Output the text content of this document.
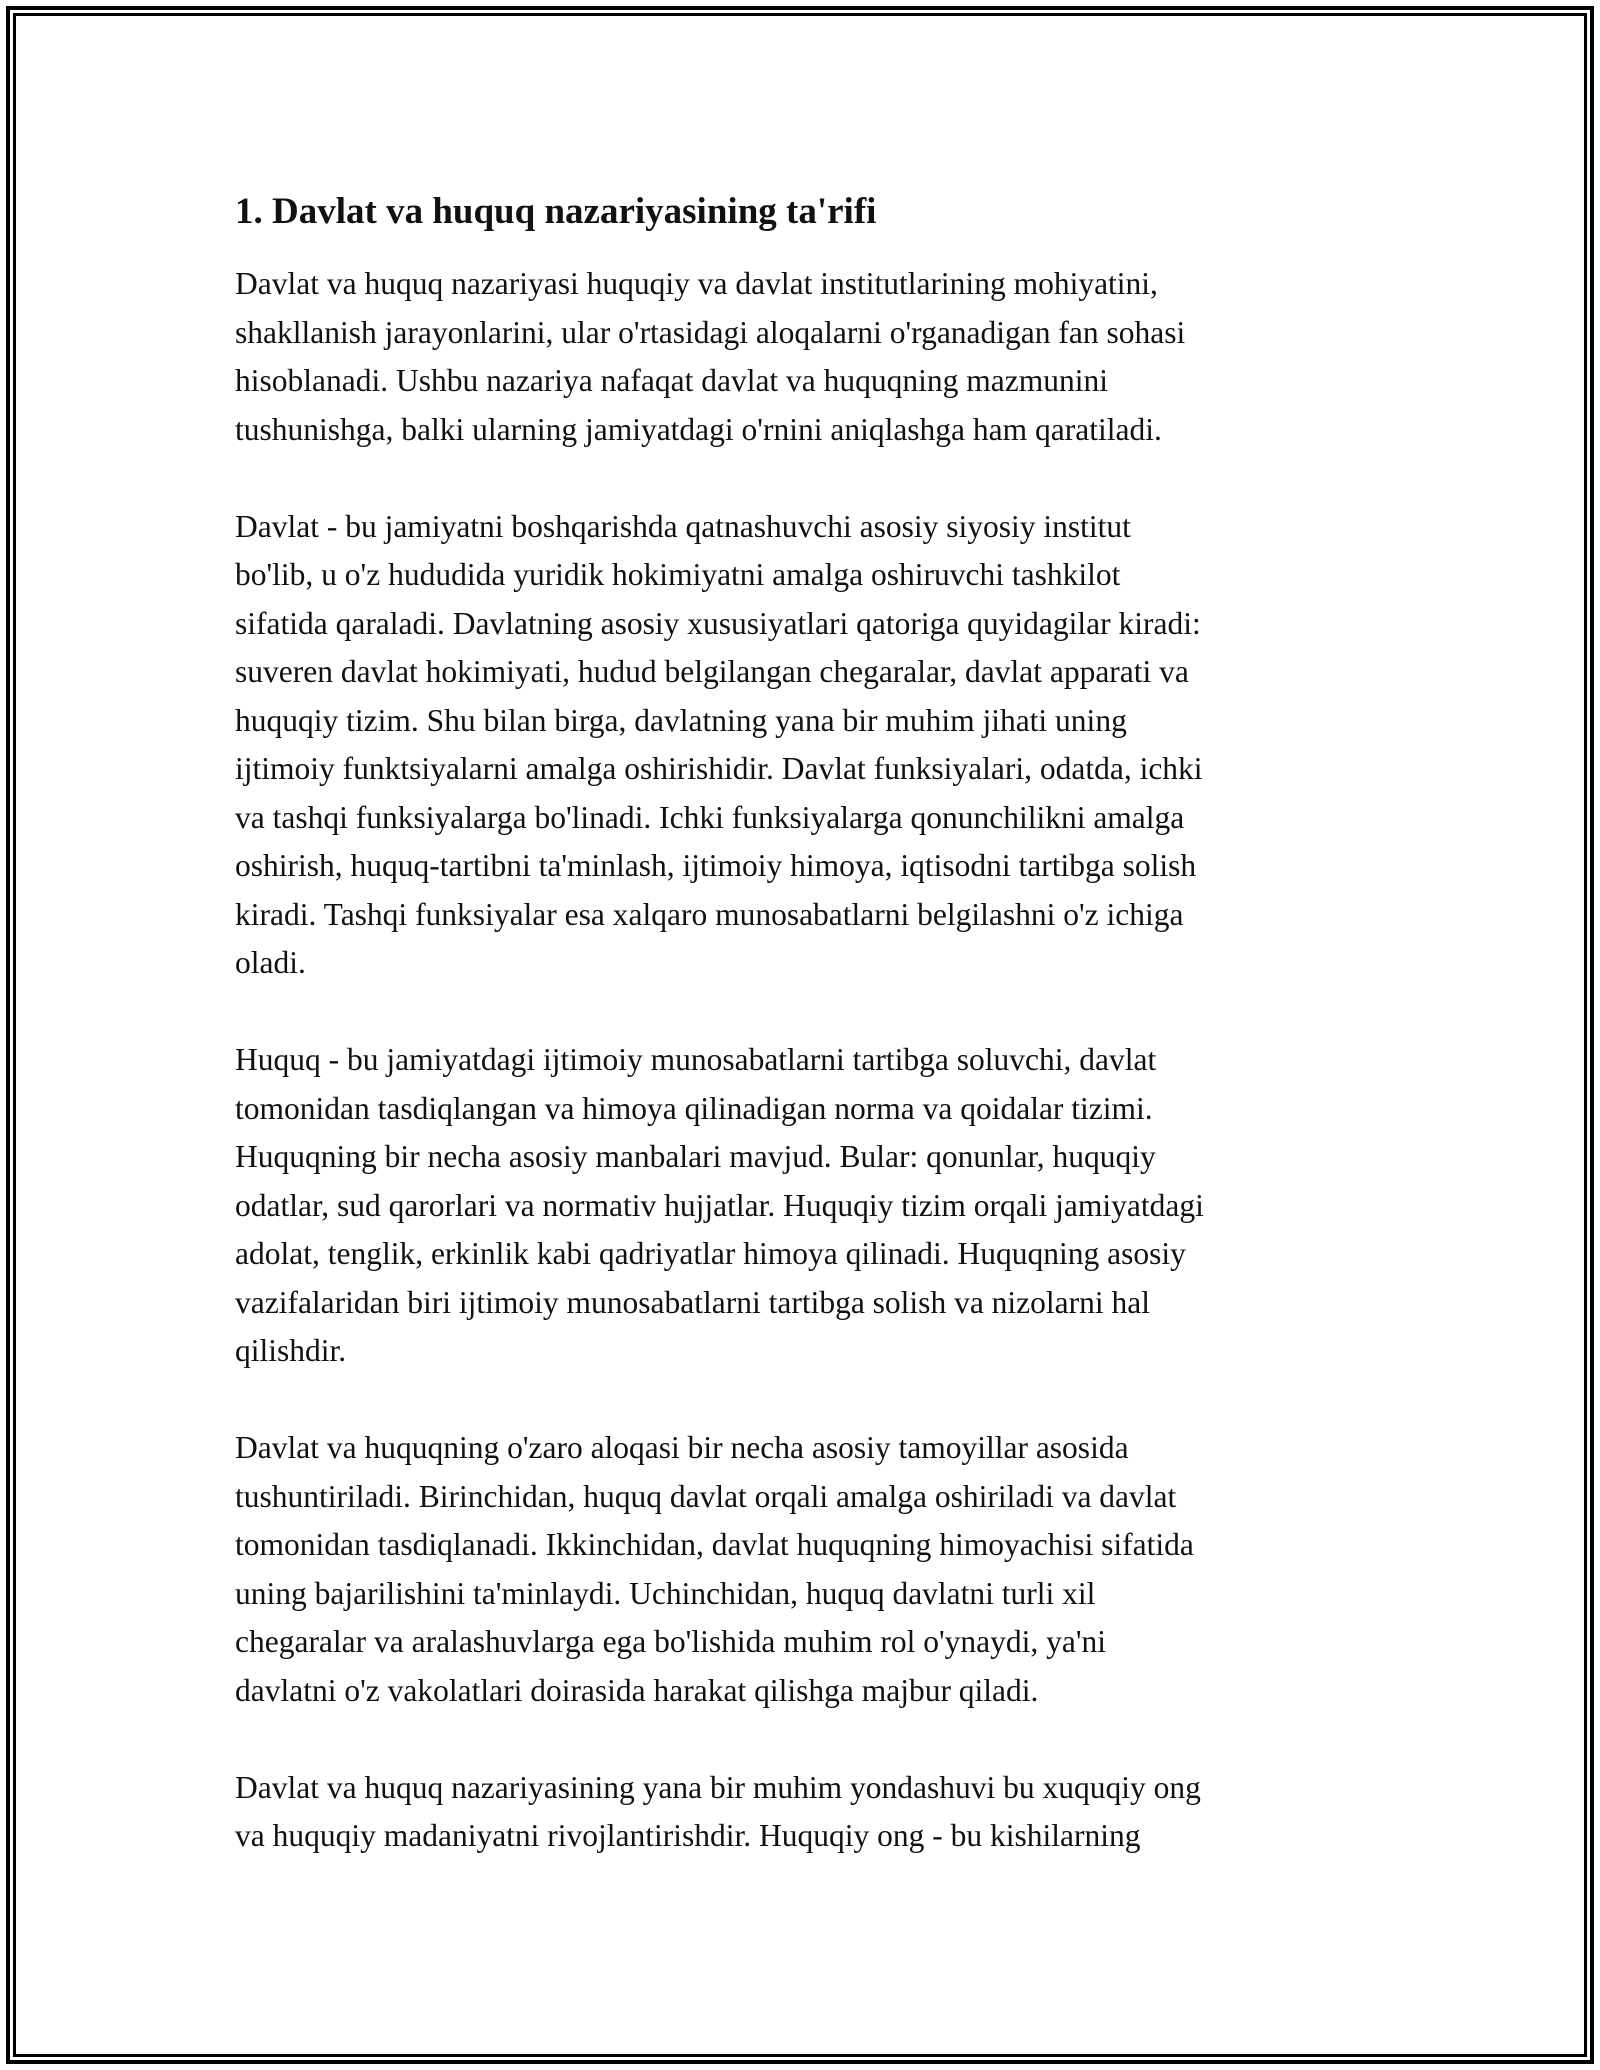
1. Davlat va huquq nazariyasining ta'rifi
Davlat va huquq nazariyasi huquqiy va davlat institutlarining mohiyatini,
shakllanish jarayonlarini, ular o'rtasidagi aloqalarni o'rganadigan fan sohasi
hisoblanadi. Ushbu nazariya nafaqat davlat va huquqning mazmunini
tushunishga, balki ularning jamiyatdagi o'rnini aniqlashga ham qaratiladi.
Davlat - bu jamiyatni boshqarishda qatnashuvchi asosiy siyosiy institut
bo'lib, u o'z hududida yuridik hokimiyatni amalga oshiruvchi tashkilot
sifatida qaraladi. Davlatning asosiy xususiyatlari qatoriga quyidagilar kiradi:
suveren davlat hokimiyati, hudud belgilangan chegaralar, davlat apparati va
huquqiy tizim. Shu bilan birga, davlatning yana bir muhim jihati uning
ijtimoiy funktsiyalarni amalga oshirishidir. Davlat funksiyalari, odatda, ichki
va tashqi funksiyalarga bo'linadi. Ichki funksiyalarga qonunchilikni amalga
oshirish, huquq-tartibni ta'minlash, ijtimoiy himoya, iqtisodni tartibga solish
kiradi. Tashqi funksiyalar esa xalqaro munosabatlarni belgilashni o'z ichiga
oladi.
Huquq - bu jamiyatdagi ijtimoiy munosabatlarni tartibga soluvchi, davlat
tomonidan tasdiqlangan va himoya qilinadigan norma va qoidalar tizimi.
Huquqning bir necha asosiy manbalari mavjud. Bular: qonunlar, huquqiy
odatlar, sud qarorlari va normativ hujjatlar. Huquqiy tizim orqali jamiyatdagi
adolat, tenglik, erkinlik kabi qadriyatlar himoya qilinadi. Huquqning asosiy
vazifalaridan biri ijtimoiy munosabatlarni tartibga solish va nizolarni hal
qilishdir.
Davlat va huquqning o'zaro aloqasi bir necha asosiy tamoyillar asosida
tushuntiriladi. Birinchidan, huquq davlat orqali amalga oshiriladi va davlat
tomonidan tasdiqlanadi. Ikkinchidan, davlat huquqning himoyachisi sifatida
uning bajarilishini ta'minlaydi. Uchinchidan, huquq davlatni turli xil
chegaralar va aralashuvlarga ega bo'lishida muhim rol o'ynaydi, ya'ni
davlatni o'z vakolatlari doirasida harakat qilishga majbur qiladi.
Davlat va huquq nazariyasining yana bir muhim yondashuvi bu xuquqiy ong
va huquqiy madaniyatni rivojlantirishdir. Huquqiy ong - bu kishilarning
